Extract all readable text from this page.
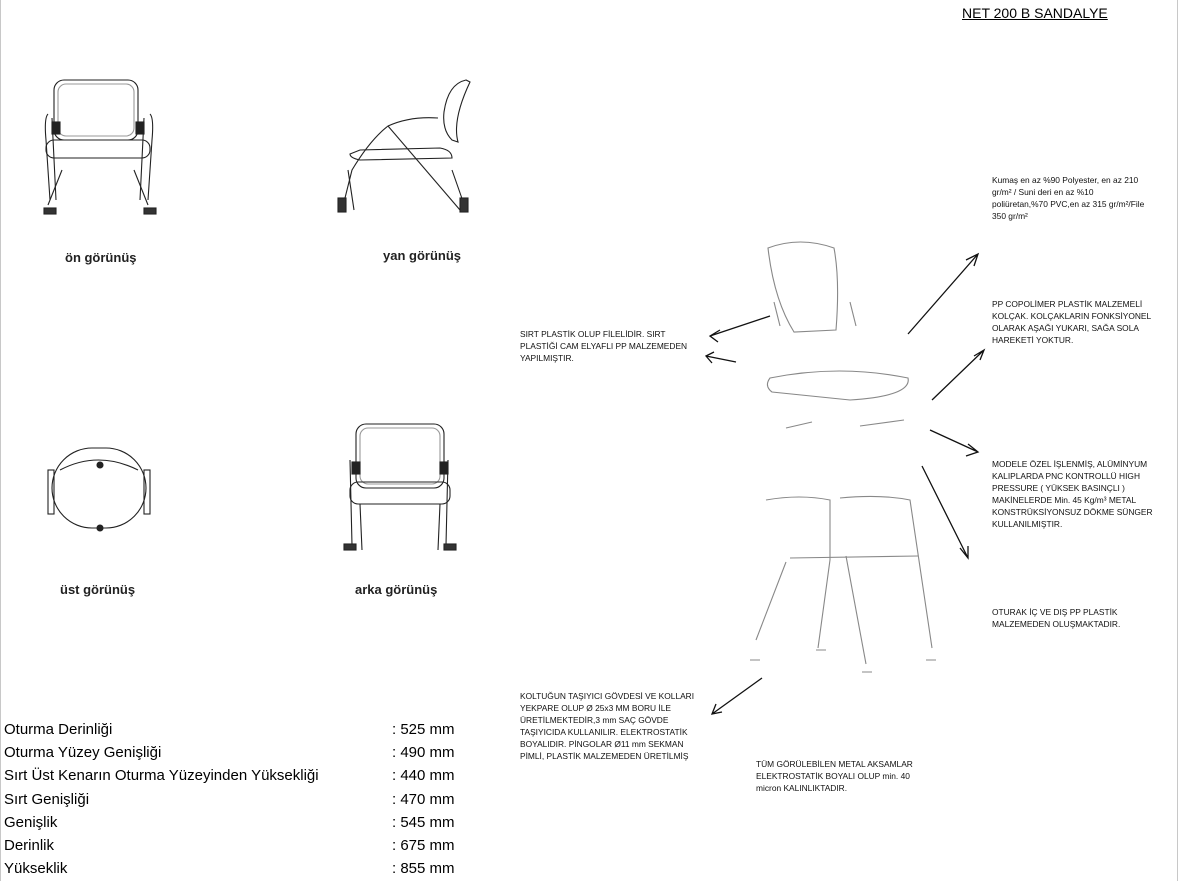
NET 200 B SANDALYE
ön görünüş	yan görünüş
üst görünüş	arka görünüş
Kumaş en az %90 Polyester, en az 210
gr/m² / Suni deri en az %10
poliüretan,%70 PVC,en az 315 gr/m²/File
350 gr/m²
PP COPOLİMER PLASTİK MALZEMELİ
KOLÇAK. KOLÇAKLARIN FONKSİYONEL
OLARAK AŞAĞI YUKARI, SAĞA SOLA
HAREKETİ YOKTUR.
SIRT PLASTİK OLUP FİLELİDİR. SIRT
PLASTİĞİ CAM ELYAFLI PP MALZEMEDEN
YAPILMIŞTIR.
MODELE ÖZEL İŞLENMİŞ, ALÜMİNYUM
KALIPLARDA PNC KONTROLLÜ HIGH
PRESSURE ( YÜKSEK BASINÇLI )
MAKİNELERDE Min. 45 Kg/m³ METAL
KONSTRÜKSİYONSUZ DÖKME SÜNGER
KULLANILMIŞTIR.
OTURAK İÇ VE DIŞ PP PLASTİK
MALZEMEDEN OLUŞMAKTADIR.
KOLTUĞUN TAŞIYICI GÖVDESİ VE KOLLARI
YEKPARE OLUP Ø 25x3 MM BORU İLE
ÜRETİLMEKTEDİR,3 mm SAÇ GÖVDE
TAŞIYICIDA KULLANILIR. ELEKTROSTATİK
BOYALIDIR. PİNGOLAR Ø11 mm SEKMAN
PİMLİ, PLASTİK MALZEMEDEN ÜRETİLMİŞ
TÜM GÖRÜLEBİLEN METAL AKSAMLAR
ELEKTROSTATİK BOYALI OLUP min. 40
micron KALINLIKTADIR.
Oturma Derinliği	: 525 mm
Oturma Yüzey Genişliği	: 490 mm
Sırt Üst Kenarın Oturma Yüzeyinden Yüksekliği	: 440 mm
Sırt Genişliği	: 470 mm
Genişlik	: 545 mm
Derinlik	: 675 mm
Yükseklik	: 855 mm
